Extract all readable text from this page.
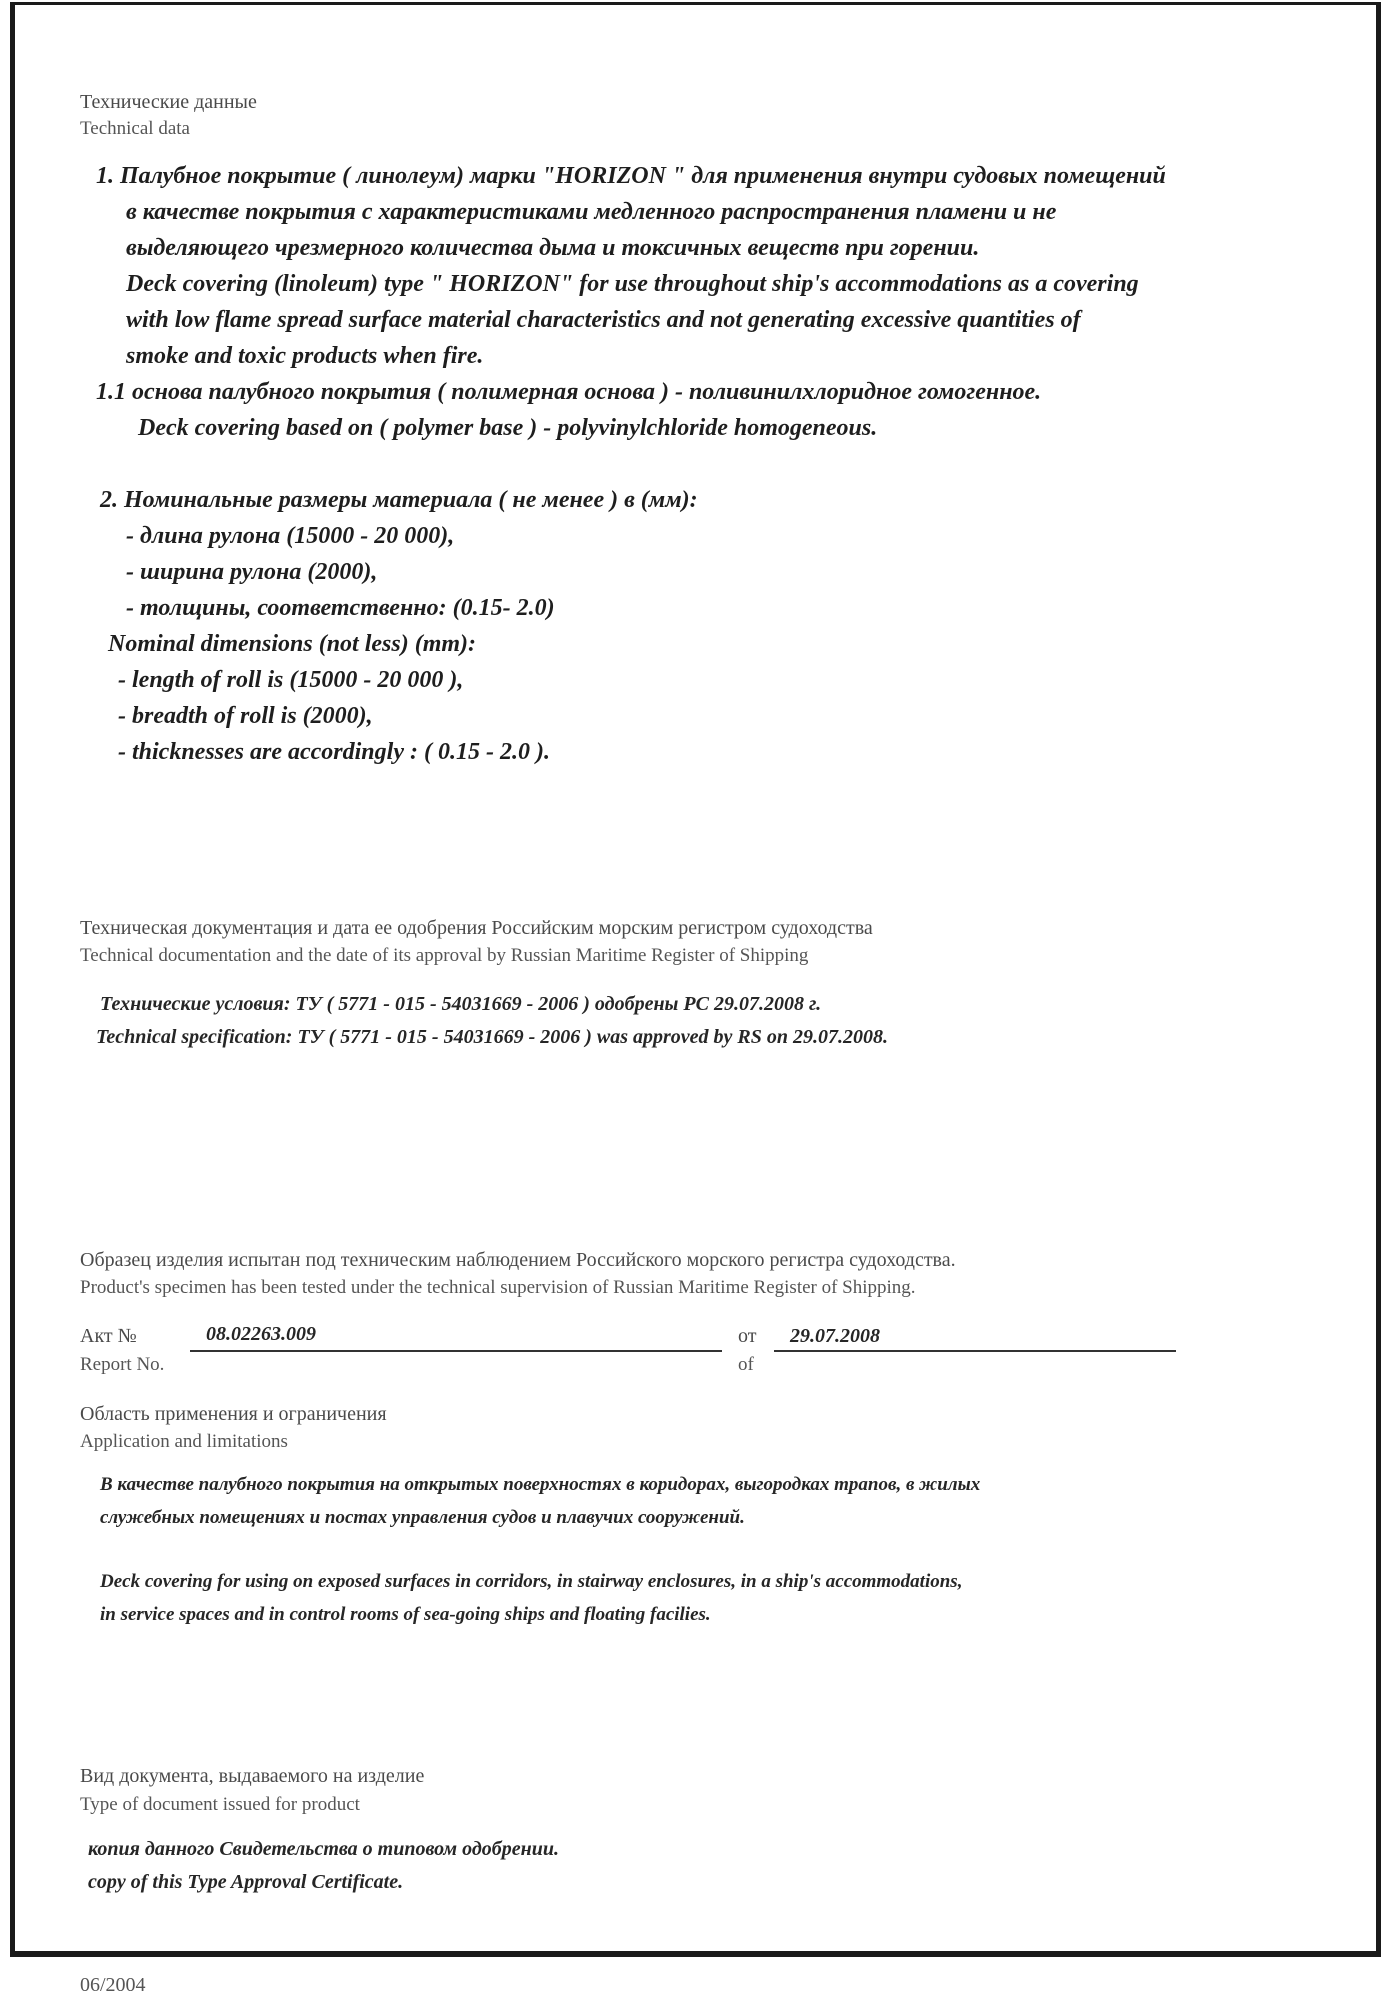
Технические данные
Technical data
1. Палубное покрытие ( линолеум) марки "HORIZON " для применения внутри судовых помещений
в качестве покрытия с характеристиками медленного распространения пламени и не
выделяющего чрезмерного количества дыма и токсичных веществ при горении.
Deck covering (linoleum) type " HORIZON" for use throughout ship's accommodations as a covering
with low flame spread surface material characteristics and not generating excessive quantities of
smoke and toxic products when fire.
1.1 основа палубного покрытия ( полимерная основа ) - поливинилхлоридное гомогенное.
Deck covering based on ( polymer base ) - polyvinylchloride homogeneous.
2. Номинальные размеры материала ( не менее ) в (мм):
- длина рулона (15000 - 20 000),
- ширина рулона (2000),
- толщины, соответственно: (0.15- 2.0)
Nominal dimensions (not less) (mm):
- length of roll is (15000 - 20 000 ),
- breadth of roll is (2000),
- thicknesses are accordingly : ( 0.15 - 2.0 ).
Техническая документация и дата ее одобрения Российским морским регистром судоходства
Technical documentation and the date of its approval by Russian Maritime Register of Shipping
Технические условия: ТУ ( 5771 - 015 - 54031669 - 2006 ) одобрены РС 29.07.2008 г.
Technical specification: ТУ ( 5771 - 015 - 54031669 - 2006 ) was approved by RS on 29.07.2008.
Образец изделия испытан под техническим наблюдением Российского морского регистра судоходства.
Product's specimen has been tested under the technical supervision of Russian Maritime Register of Shipping.
Акт №
Report No.
08.02263.009	от
of
29.07.2008
Область применения и ограничения
Application and limitations
В качестве палубного покрытия на открытых поверхностях в коридорах, выгородках трапов, в жилых
служебных помещениях и постах управления судов и плавучих сооружений.
Deck covering for using on exposed surfaces in corridors, in stairway enclosures, in a ship's accommodations,
in service spaces and in control rooms of sea-going ships and floating facilies.
Вид документа, выдаваемого на изделие
Type of document issued for product
копия данного Свидетельства о типовом одобрении.
copy of this Type Approval Certificate.
06/2004
